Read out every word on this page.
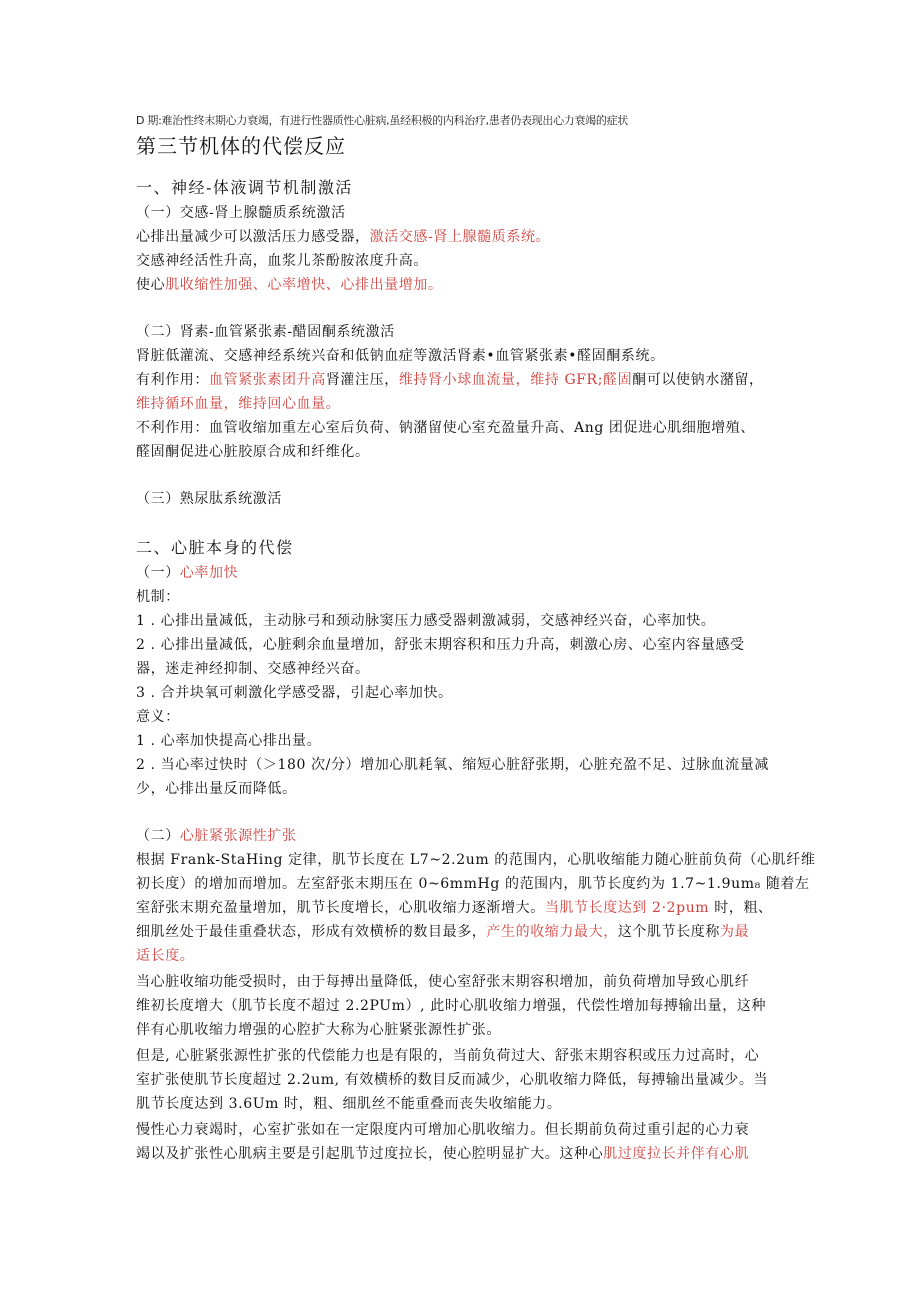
D 期:难治性终末期心力衰竭，有进行性器质性心脏病,虽经积极的内科治疗,患者仍表现出心力衰竭的症状
第三节机体的代偿反应
一、神经-体液调节机制激活
（一）交感-肾上腺髓质系统激活
心排出量减少可以激活压力感受器，激活交感-肾上腺髓质系统。
交感神经活性升高，血浆儿茶酚胺浓度升高。
使心肌收缩性加强、心率增快、心排出量增加。
（二）肾素-血管紧张素-醋固酮系统激活
肾脏低灌流、交感神经系统兴奋和低钠血症等激活肾素•血管紧张素•醛固酮系统。
有利作用：血管紧张素团升高肾灌注压，维持肾小球血流量，维持 GFR;醛固酮可以使钠水潴留，
维持循环血量，维持回心血量。
不利作用：血管收缩加重左心室后负荷、钠潴留使心室充盈量升高、Ang 团促进心肌细胞增殖、
醛固酮促进心脏胶原合成和纤维化。
（三）熟尿肽系统激活
二、心脏本身的代偿
（一）心率加快
机制：
1 . 心排出量减低，主动脉弓和颈动脉窦压力感受器刺激减弱，交感神经兴奋，心率加快。
2 . 心排出量减低，心脏剩余血量增加，舒张末期容积和压力升高，刺激心房、心室内容量感受
器，迷走神经抑制、交感神经兴奋。
3 . 合并块氧可刺激化学感受器，引起心率加快。
意义：
1 . 心率加快提高心排出量。
2 . 当心率过快时（＞180 次/分）增加心肌耗氧、缩短心脏舒张期，心脏充盈不足、过脉血流量减
少，心排出量反而降低。
（二）心脏紧张源性扩张
根据 Frank-StaHing 定律，肌节长度在 L7~2.2um 的范围内，心肌收缩能力随心脏前负荷（心肌纤维
初长度）的增加而增加。左室舒张末期压在 0~6mmHg 的范围内，肌节长度约为 1.7~1.9um₈ 随着左
室舒张末期充盈量增加，肌节长度增长，心肌收缩力逐渐增大。当肌节长度达到 2·2pum 时，粗、
细肌丝处于最佳重叠状态，形成有效横桥的数目最多，产生的收缩力最大，这个肌节长度称为最
适长度。
当心脏收缩功能受损时，由于每搏出量降低，使心室舒张末期容积增加，前负荷增加导致心肌纤
维初长度增大（肌节长度不超过 2.2PUm）, 此时心肌收缩力增强，代偿性增加每搏输出量，这种
伴有心肌收缩力增强的心腔扩大称为心脏紧张源性扩张。
但是, 心脏紧张源性扩张的代偿能力也是有限的，当前负荷过大、舒张末期容积或压力过高时，心
室扩张使肌节长度超过 2.2um, 有效横桥的数目反而减少，心肌收缩力降低，每搏输出量减少。当
肌节长度达到 3.6Um 时，粗、细肌丝不能重叠而丧失收缩能力。
慢性心力衰竭时，心室扩张如在一定限度内可增加心肌收缩力。但长期前负荷过重引起的心力衰
竭以及扩张性心肌病主要是引起肌节过度拉长，使心腔明显扩大。这种心肌过度拉长并伴有心肌
